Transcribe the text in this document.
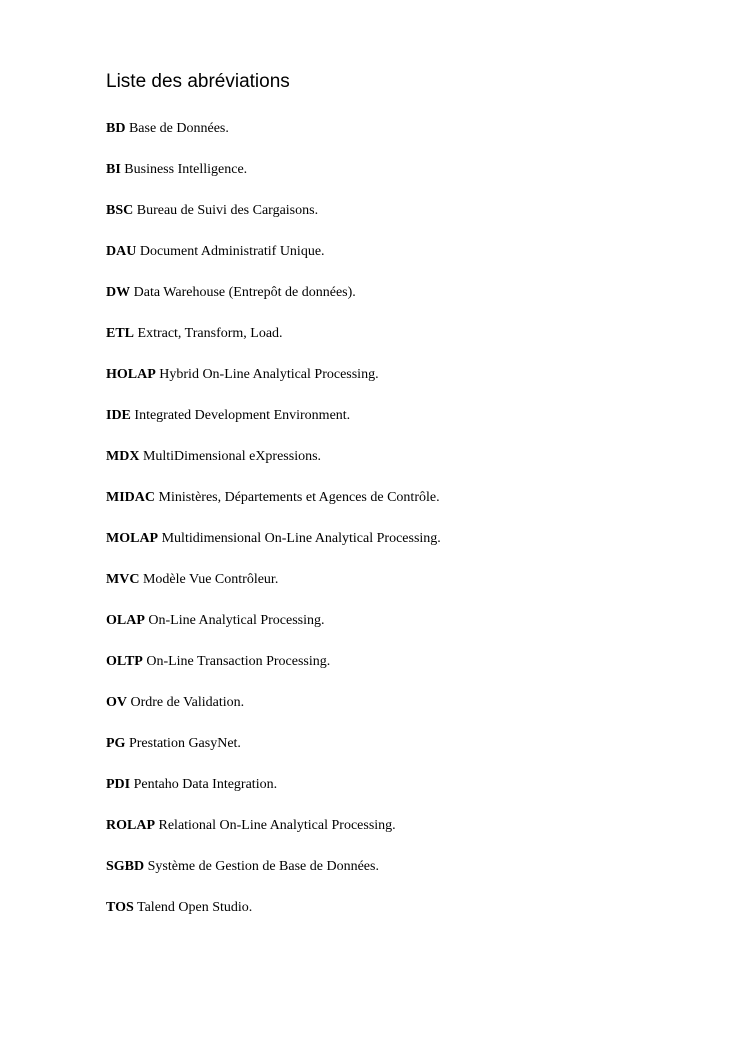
Liste des abréviations
BD Base de Données.
BI Business Intelligence.
BSC Bureau de Suivi des Cargaisons.
DAU Document Administratif Unique.
DW Data Warehouse (Entrepôt de données).
ETL Extract, Transform, Load.
HOLAP Hybrid On-Line Analytical Processing.
IDE Integrated Development Environment.
MDX MultiDimensional eXpressions.
MIDAC Ministères, Départements et Agences de Contrôle.
MOLAP Multidimensional On-Line Analytical Processing.
MVC Modèle Vue Contrôleur.
OLAP On-Line Analytical Processing.
OLTP On-Line Transaction Processing.
OV Ordre de Validation.
PG Prestation GasyNet.
PDI Pentaho Data Integration.
ROLAP Relational On-Line Analytical Processing.
SGBD Système de Gestion de Base de Données.
TOS Talend Open Studio.
